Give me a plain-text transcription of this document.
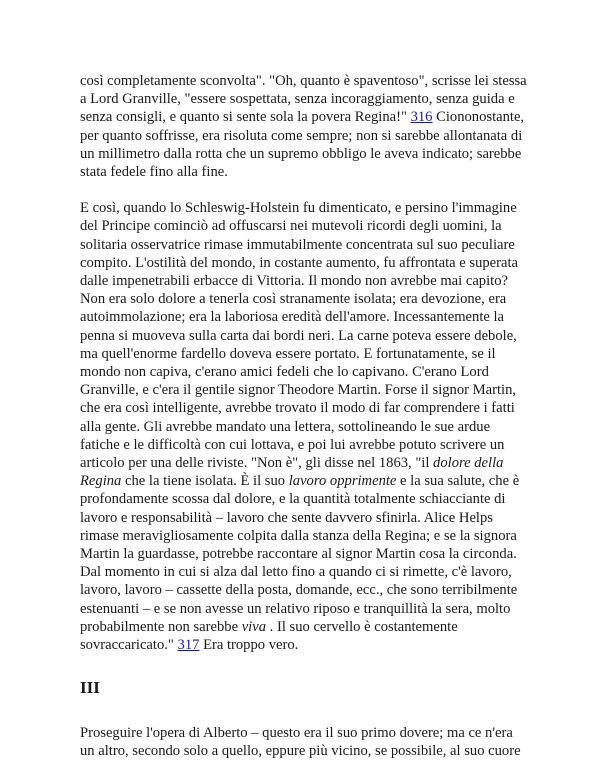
così completamente sconvolta". "Oh, quanto è spaventoso", scrisse lei stessa a Lord Granville, "essere sospettata, senza incoraggiamento, senza guida e senza consigli, e quanto si sente sola la povera Regina!" 316 Ciononostante, per quanto soffrisse, era risoluta come sempre; non si sarebbe allontanata di un millimetro dalla rotta che un supremo obbligo le aveva indicato; sarebbe stata fedele fino alla fine.

E così, quando lo Schleswig-Holstein fu dimenticato, e persino l'immagine del Principe cominciò ad offuscarsi nei mutevoli ricordi degli uomini, la solitaria osservatrice rimase immutabilmente concentrata sul suo peculiare compito. L'ostilità del mondo, in costante aumento, fu affrontata e superata dalle impenetrabili erbacce di Vittoria. Il mondo non avrebbe mai capito? Non era solo dolore a tenerla così stranamente isolata; era devozione, era autoimmolazione; era la laboriosa eredità dell'amore. Incessantemente la penna si muoveva sulla carta dai bordi neri. La carne poteva essere debole, ma quell'enorme fardello doveva essere portato. E fortunatamente, se il mondo non capiva, c'erano amici fedeli che lo capivano. C'erano Lord Granville, e c'era il gentile signor Theodore Martin. Forse il signor Martin, che era così intelligente, avrebbe trovato il modo di far comprendere i fatti alla gente. Gli avrebbe mandato una lettera, sottolineando le sue ardue fatiche e le difficoltà con cui lottava, e poi lui avrebbe potuto scrivere un articolo per una delle riviste. "Non è", gli disse nel 1863, "il dolore della Regina che la tiene isolata. È il suo lavoro opprimente e la sua salute, che è profondamente scossa dal dolore, e la quantità totalmente schiacciante di lavoro e responsabilità – lavoro che sente davvero sfinirla. Alice Helps rimase meravigliosamente colpita dalla stanza della Regina; e se la signora Martin la guardasse, potrebbe raccontare al signor Martin cosa la circonda. Dal momento in cui si alza dal letto fino a quando ci si rimette, c'è lavoro, lavoro, lavoro – cassette della posta, domande, ecc., che sono terribilmente estenuanti – e se non avesse un relativo riposo e tranquillità la sera, molto probabilmente non sarebbe viva . Il suo cervello è costantemente sovraccaricato." 317 Era troppo vero.

III

Proseguire l'opera di Alberto – questo era il suo primo dovere; ma ce n'era un altro, secondo solo a quello, eppure più vicino, se possibile, al suo cuore
